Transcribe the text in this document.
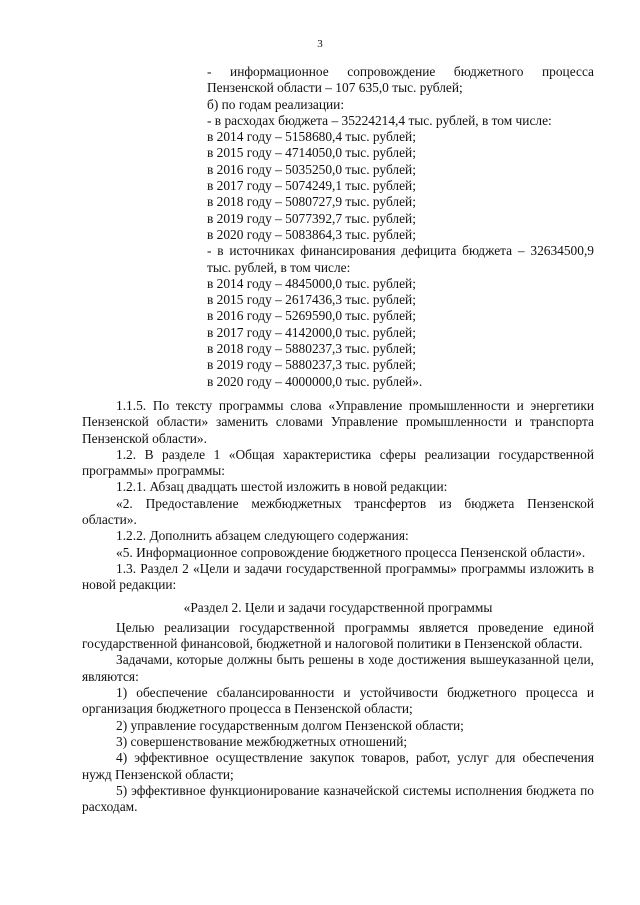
3

- информационное сопровождение бюджетного процесса Пензенской области – 107 635,0 тыс. рублей;

б) по годам реализации:

- в расходах бюджета – 35224214,4 тыс. рублей, в том числе:

в 2014 году – 5158680,4 тыс. рублей;

в 2015 году – 4714050,0 тыс. рублей;

в 2016 году – 5035250,0 тыс. рублей;

в 2017 году – 5074249,1 тыс. рублей;

в 2018 году – 5080727,9 тыс. рублей;

в 2019 году – 5077392,7 тыс. рублей;

в 2020 году – 5083864,3 тыс. рублей;

- в источниках финансирования дефицита бюджета – 32634500,9 тыс. рублей, в том числе:

в 2014 году – 4845000,0 тыс. рублей;

в 2015 году – 2617436,3 тыс. рублей;

в 2016 году – 5269590,0 тыс. рублей;

в 2017 году – 4142000,0 тыс. рублей;

в 2018 году – 5880237,3 тыс. рублей;

в 2019 году – 5880237,3 тыс. рублей;

в 2020 году – 4000000,0 тыс. рублей».

1.1.5. По тексту программы слова «Управление промышленности и энергетики Пензенской области» заменить словами Управление промышленности и транспорта Пензенской области».

1.2. В разделе 1 «Общая характеристика сферы реализации государственной программы» программы:

1.2.1. Абзац двадцать шестой изложить в новой редакции:

«2. Предоставление межбюджетных трансфертов из бюджета Пензенской области».

1.2.2. Дополнить абзацем следующего содержания:

«5. Информационное сопровождение бюджетного процесса Пензенской области».

1.3. Раздел 2 «Цели и задачи государственной программы» программы изложить в новой редакции:

«Раздел 2. Цели и задачи государственной программы

Целью реализации государственной программы является проведение единой государственной финансовой, бюджетной и налоговой политики в Пензенской области.

Задачами, которые должны быть решены в ходе достижения вышеуказанной цели, являются:

1) обеспечение сбалансированности и устойчивости бюджетного процесса и организация бюджетного процесса в Пензенской области;

2) управление государственным долгом Пензенской области;

3) совершенствование межбюджетных отношений;

4) эффективное осуществление закупок товаров, работ, услуг для обеспечения нужд Пензенской области;

5) эффективное функционирование казначейской системы исполнения бюджета по расходам.
